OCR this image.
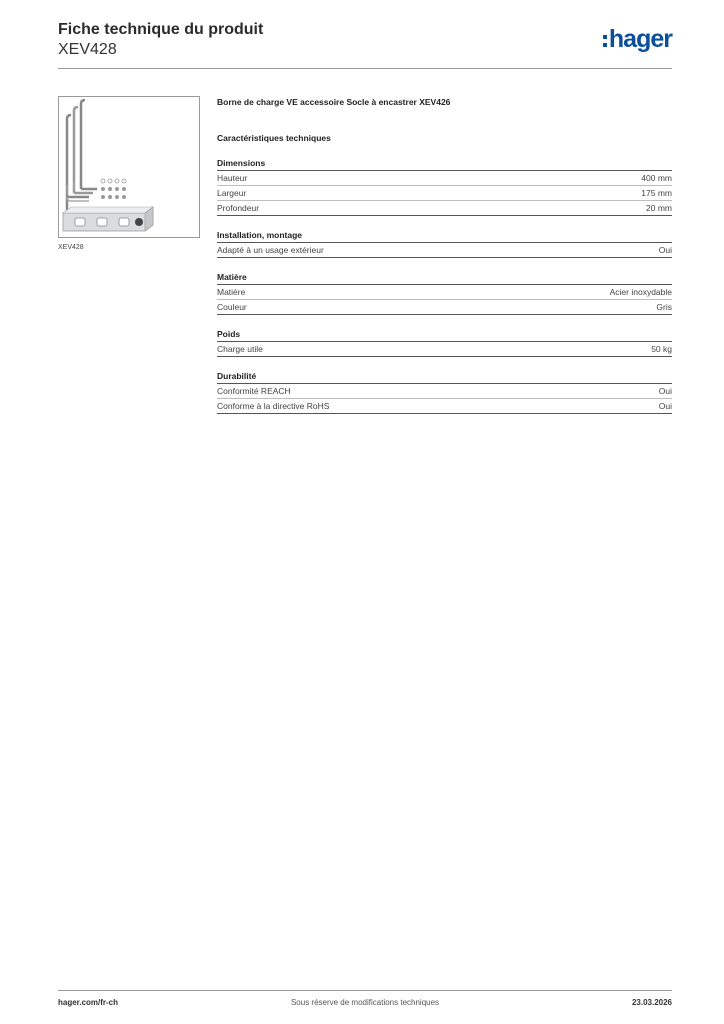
Fiche technique du produit
XEV428	hager
XEV428
Borne de charge VE accessoire Socle à encastrer XEV426
Caractéristiques techniques
Dimensions
Hauteur	400 mm
Largeur	175 mm
Profondeur	20 mm
Installation, montage
Adapté à un usage extérieur	Oui
Matière
Matière	Acier inoxydable
Couleur	Gris
Poids
Charge utile	50 kg
Durabilité
Conformité REACH	Oui
Conforme à la directive RoHS	Oui
hager.com/fr-ch	Sous réserve de modifications techniques	23.03.2026
